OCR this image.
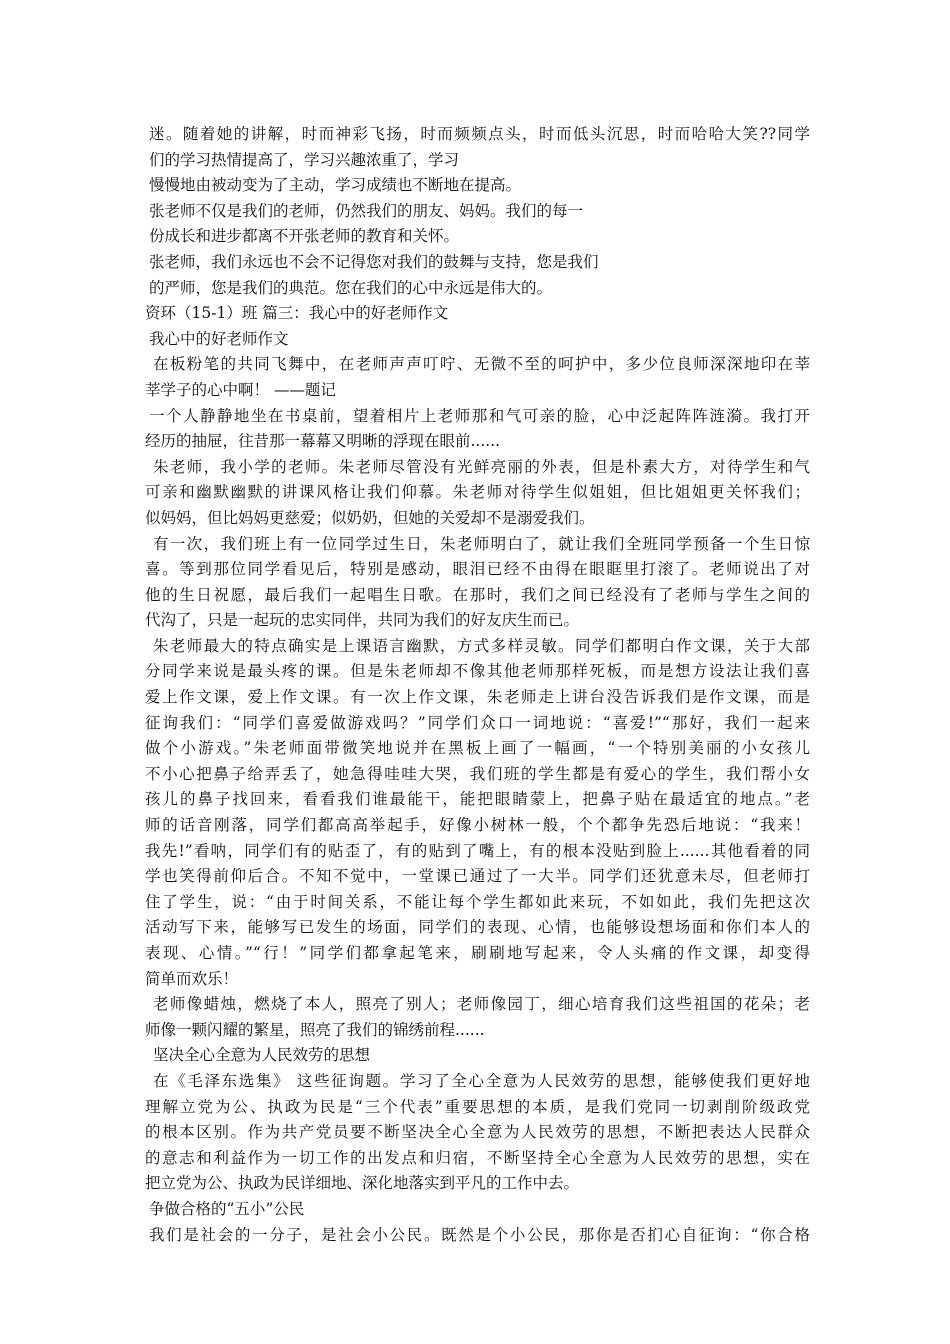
迷。随着她的讲解，时而神彩飞扬，时而频频点头，时而低头沉思，时而哈哈大笑??同学
们的学习热情提高了，学习兴趣浓重了，学习
慢慢地由被动变为了主动，学习成绩也不断地在提高。
张老师不仅是我们的老师，仍然我们的朋友、妈妈。我们的每一
份成长和进步都离不开张老师的教育和关怀。
张老师，我们永远也不会不记得您对我们的鼓舞与支持，您是我们
的严师，您是我们的典范。您在我们的心中永远是伟大的。
资环（15-1）班 篇三：我心中的好老师作文
我心中的好老师作文
在板粉笔的共同飞舞中，在老师声声叮咛、无微不至的呵护中，多少位良师深深地印在莘
莘学子的心中啊！ ——题记
一个人静静地坐在书桌前，望着相片上老师那和气可亲的脸，心中泛起阵阵涟漪。我打开
经历的抽屉，往昔那一幕幕又明晰的浮现在眼前......
朱老师，我小学的老师。朱老师尽管没有光鲜亮丽的外表，但是朴素大方，对待学生和气
可亲和幽默幽默的讲课风格让我们仰慕。朱老师对待学生似姐姐，但比姐姐更关怀我们；
似妈妈，但比妈妈更慈爱；似奶奶，但她的关爱却不是溺爱我们。
有一次，我们班上有一位同学过生日，朱老师明白了，就让我们全班同学预备一个生日惊
喜。等到那位同学看见后，特别是感动，眼泪已经不由得在眼眶里打滚了。老师说出了对
他的生日祝愿，最后我们一起唱生日歌。在那时，我们之间已经没有了老师与学生之间的
代沟了，只是一起玩的忠实同伴，共同为我们的好友庆生而已。
朱老师最大的特点确实是上课语言幽默，方式多样灵敏。同学们都明白作文课，关于大部
分同学来说是最头疼的课。但是朱老师却不像其他老师那样死板，而是想方设法让我们喜
爱上作文课，爱上作文课。有一次上作文课，朱老师走上讲台没告诉我们是作文课，而是
征询我们：“同学们喜爱做游戏吗？”同学们众口一词地说：“喜爱!”“那好，我们一起来
做个小游戏。”朱老师面带微笑地说并在黑板上画了一幅画，“一个特别美丽的小女孩儿
不小心把鼻子给弄丢了，她急得哇哇大哭，我们班的学生都是有爱心的学生，我们帮小女
孩儿的鼻子找回来，看看我们谁最能干，能把眼睛蒙上，把鼻子贴在最适宜的地点。”老
师的话音刚落，同学们都高高举起手，好像小树林一般，个个都争先恐后地说：“我来！
我先!”看呐，同学们有的贴歪了，有的贴到了嘴上，有的根本没贴到脸上......其他看着的同
学也笑得前仰后合。不知不觉中，一堂课已通过了一大半。同学们还犹意未尽，但老师打
住了学生，说：“由于时间关系，不能让每个学生都如此来玩，不如如此，我们先把这次
活动写下来，能够写已发生的场面，同学们的表现、心情，也能够设想场面和你们本人的
表现、心情。”“行！”同学们都拿起笔来，刷刷地写起来，令人头痛的作文课，却变得
简单而欢乐！
老师像蜡烛，燃烧了本人，照亮了别人；老师像园丁，细心培育我们这些祖国的花朵；老
师像一颗闪耀的繁星，照亮了我们的锦绣前程......
坚决全心全意为人民效劳的思想
在《毛泽东选集》 这些征询题。学习了全心全意为人民效劳的思想，能够使我们更好地
理解立党为公、执政为民是“三个代表”重要思想的本质，是我们党同一切剥削阶级政党
的根本区别。作为共产党员要不断坚决全心全意为人民效劳的思想，不断把表达人民群众
的意志和利益作为一切工作的出发点和归宿，不断坚持全心全意为人民效劳的思想，实在
把立党为公、执政为民详细地、深化地落实到平凡的工作中去。
争做合格的“五小”公民
我们是社会的一分子，是社会小公民。既然是个小公民，那你是否扪心自征询：“你合格
